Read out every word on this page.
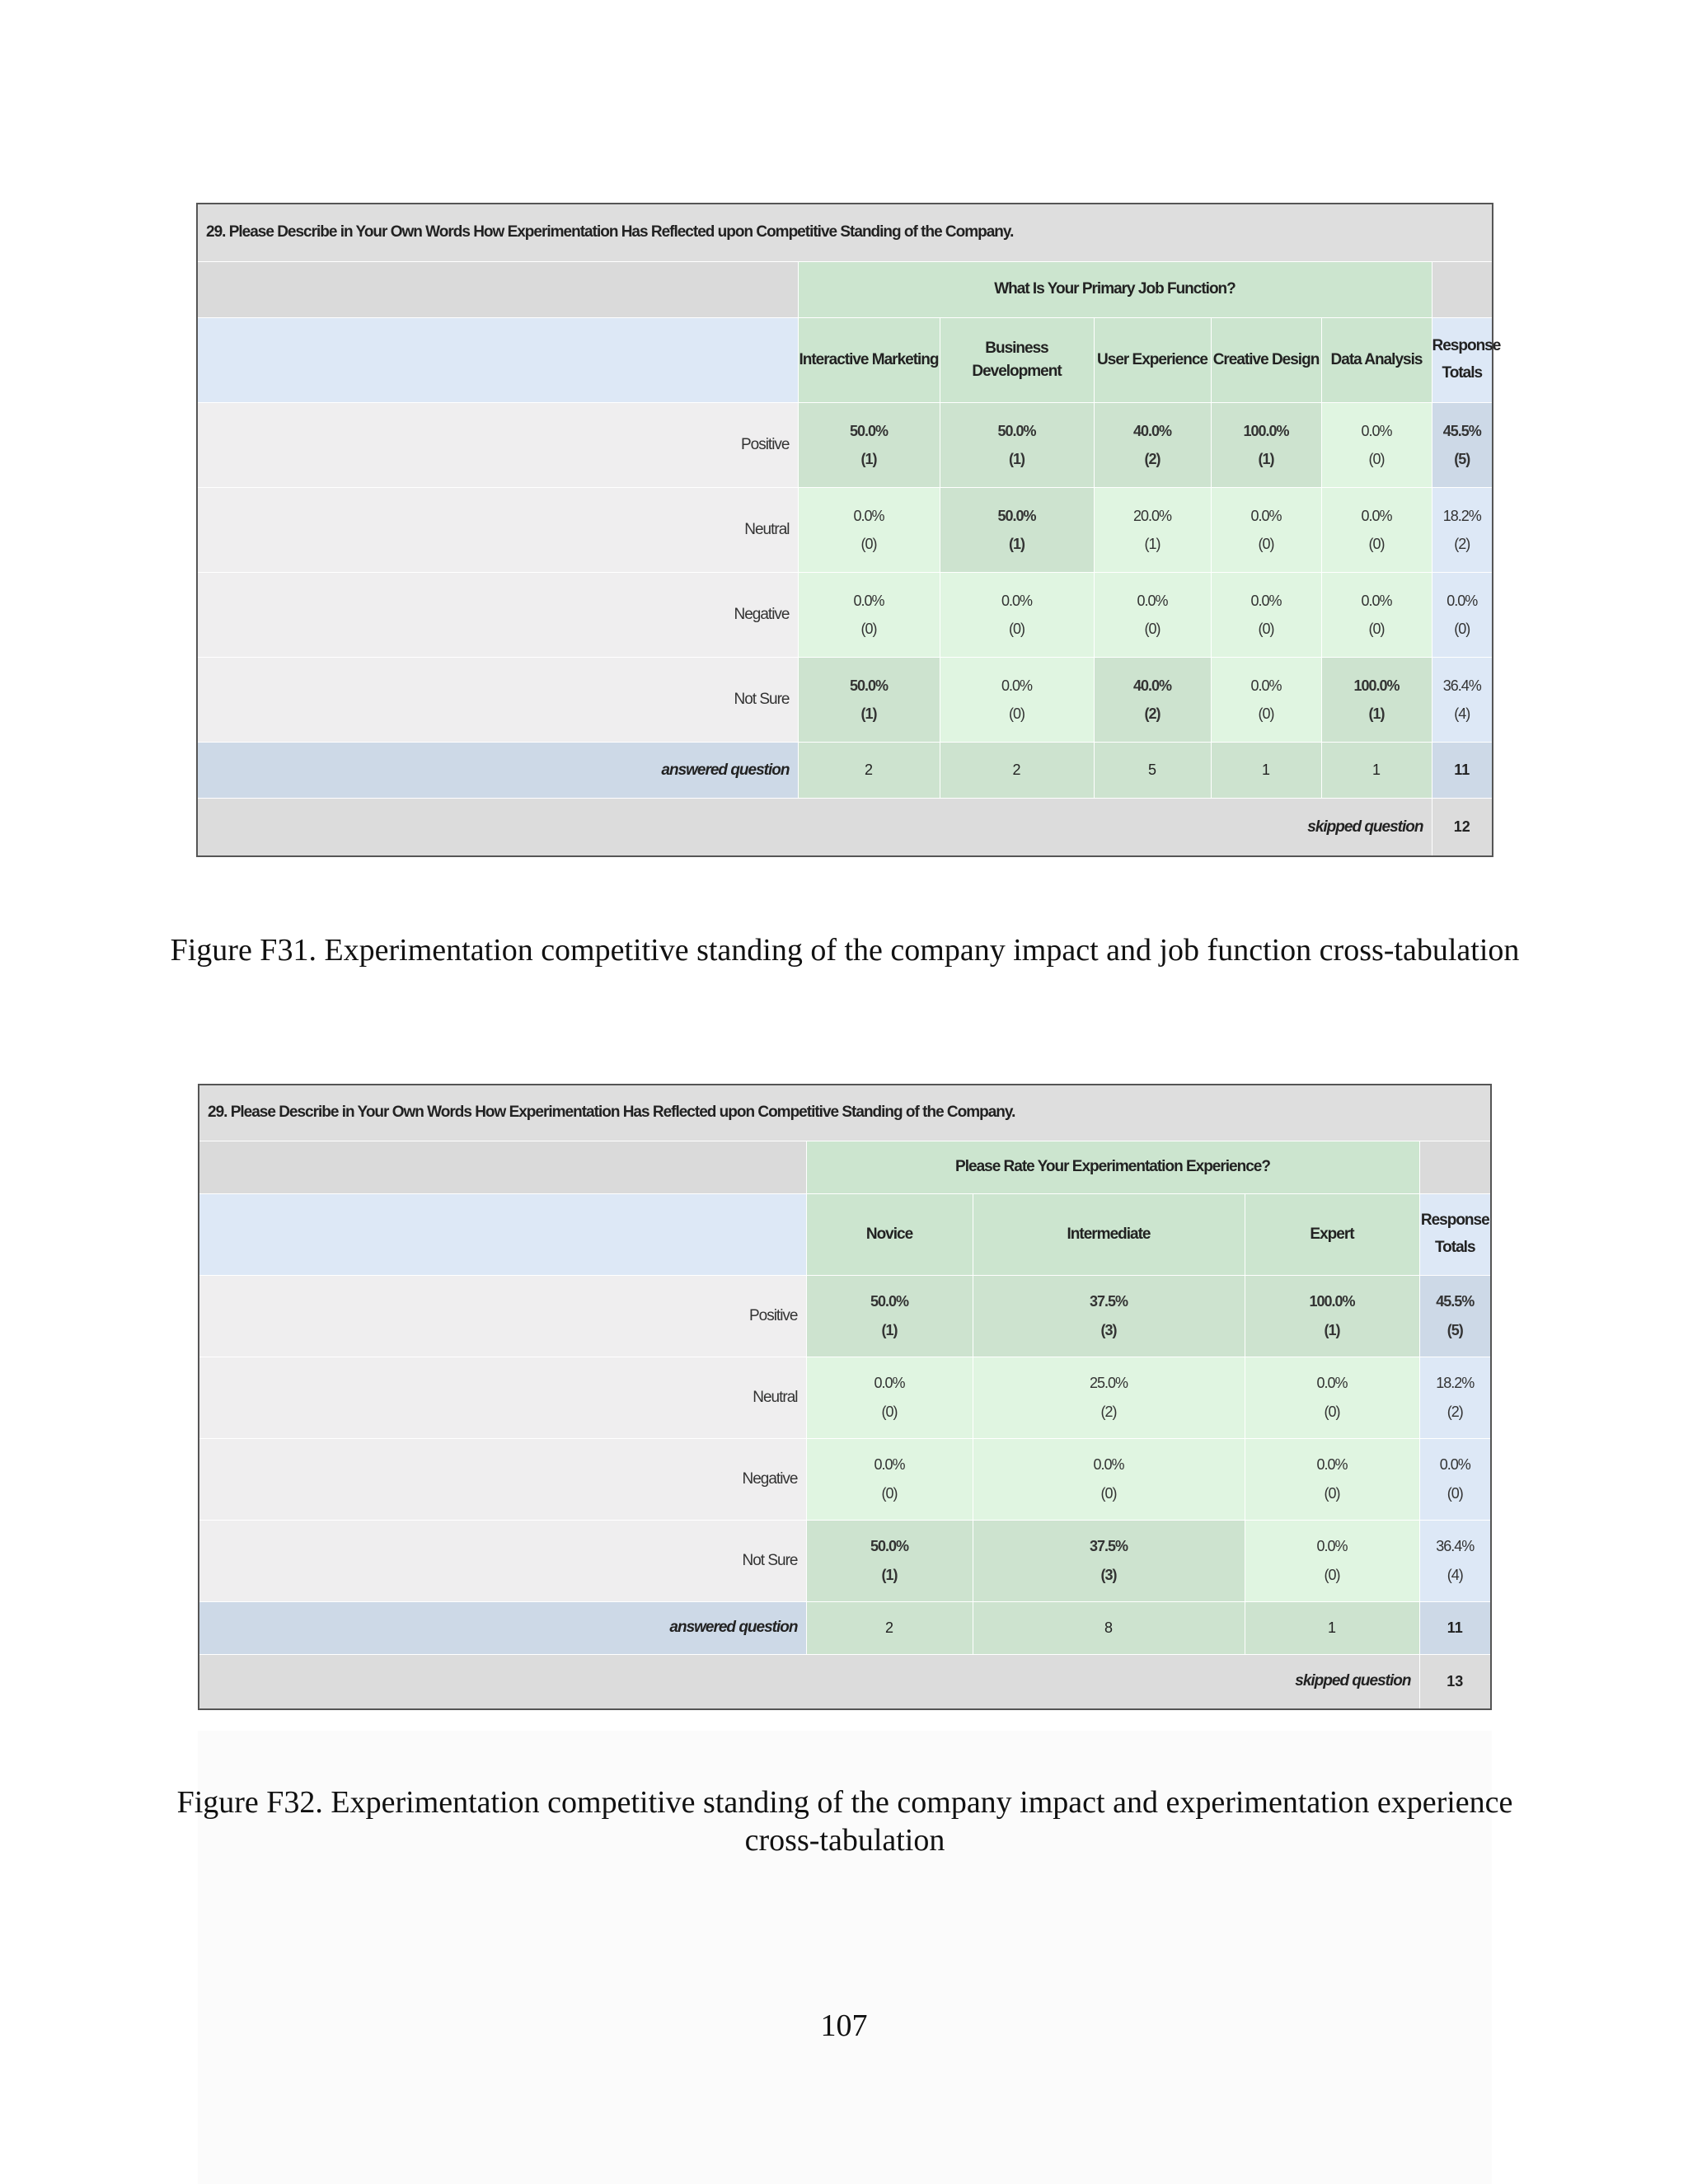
29. Please Describe in Your Own Words How Experimentation Has Reflected upon Competitive Standing of the Company.						
	What Is Your Primary Job Function?					
	Interactive Marketing	Business Development	User Experience	Creative Design	Data Analysis	Response
Totals

Positive	50.0%
(1)	50.0%
(1)	40.0%
(2)	100.0%
(1)	0.0%
(0)	45.5%
(5)

Neutral	0.0%
(0)	50.0%
(1)	20.0%
(1)	0.0%
(0)	0.0%
(0)	18.2%
(2)

Negative	0.0%
(0)	0.0%
(0)	0.0%
(0)	0.0%
(0)	0.0%
(0)	0.0%
(0)

Not Sure	50.0%
(1)	0.0%
(0)	40.0%
(2)	0.0%
(0)	100.0%
(1)	36.4%
(4)

answered question	2	2	5	1	1	11
skipped question						12
Figure F31. Experimentation competitive standing of the company impact and job function cross-tabulation
29. Please Describe in Your Own Words How Experimentation Has Reflected upon Competitive Standing of the Company.				
	Please Rate Your Experimentation Experience?			
	Novice	Intermediate	Expert	Response
Totals

Positive	50.0%
(1)	37.5%
(3)	100.0%
(1)	45.5%
(5)

Neutral	0.0%
(0)	25.0%
(2)	0.0%
(0)	18.2%
(2)

Negative	0.0%
(0)	0.0%
(0)	0.0%
(0)	0.0%
(0)

Not Sure	50.0%
(1)	37.5%
(3)	0.0%
(0)	36.4%
(4)

answered question	2	8	1	11
skipped question				13
Figure F32. Experimentation competitive standing of the company impact and experimentation experience cross-tabulation
107
